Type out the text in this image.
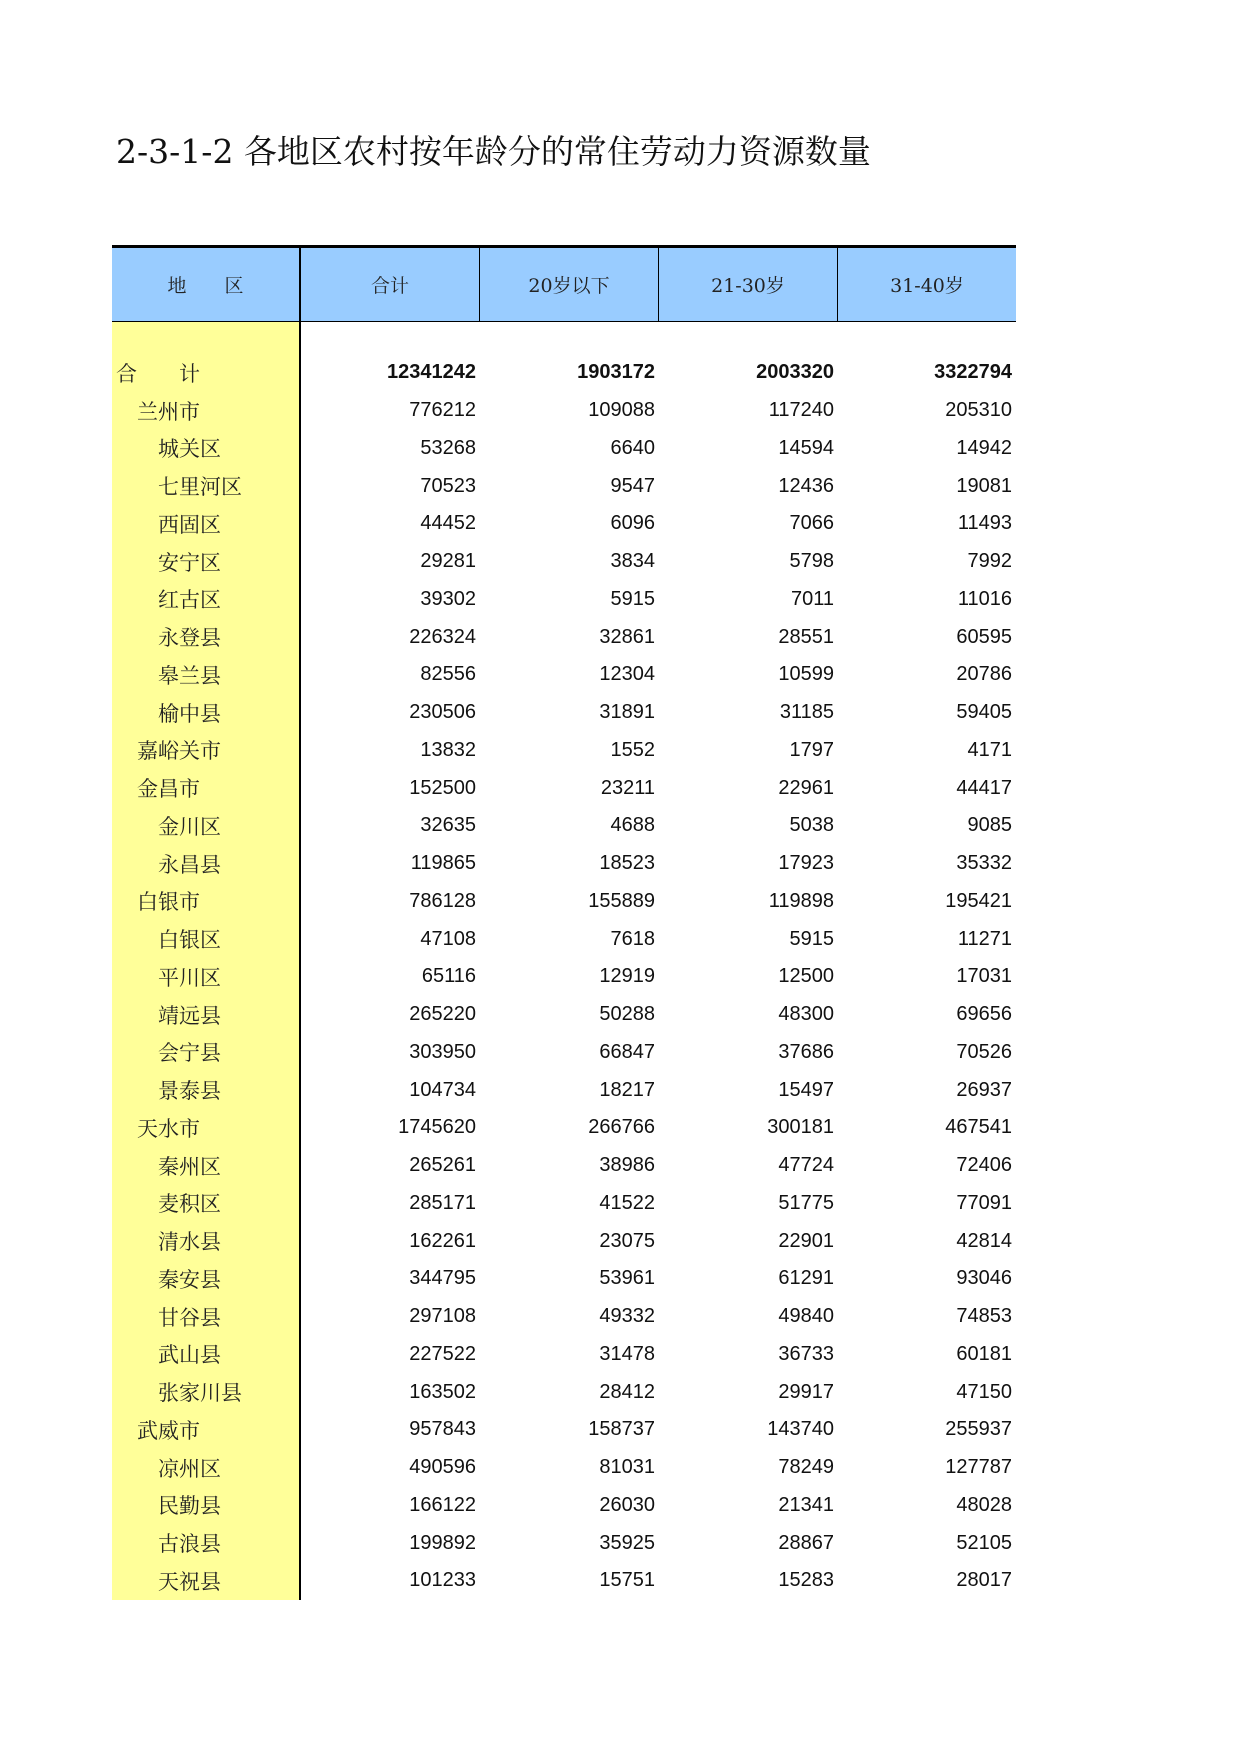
2-3-1-2 各地区农村按年龄分的常住劳动力资源数量
地　　区	合计	20岁以下	21-30岁	31-40岁
合　　计	12341242	1903172	2003320	3322794
兰州市	776212	109088	117240	205310
城关区	53268	6640	14594	14942
七里河区	70523	9547	12436	19081
西固区	44452	6096	7066	11493
安宁区	29281	3834	5798	7992
红古区	39302	5915	7011	11016
永登县	226324	32861	28551	60595
皋兰县	82556	12304	10599	20786
榆中县	230506	31891	31185	59405
嘉峪关市	13832	1552	1797	4171
金昌市	152500	23211	22961	44417
金川区	32635	4688	5038	9085
永昌县	119865	18523	17923	35332
白银市	786128	155889	119898	195421
白银区	47108	7618	5915	11271
平川区	65116	12919	12500	17031
靖远县	265220	50288	48300	69656
会宁县	303950	66847	37686	70526
景泰县	104734	18217	15497	26937
天水市	1745620	266766	300181	467541
秦州区	265261	38986	47724	72406
麦积区	285171	41522	51775	77091
清水县	162261	23075	22901	42814
秦安县	344795	53961	61291	93046
甘谷县	297108	49332	49840	74853
武山县	227522	31478	36733	60181
张家川县	163502	28412	29917	47150
武威市	957843	158737	143740	255937
凉州区	490596	81031	78249	127787
民勤县	166122	26030	21341	48028
古浪县	199892	35925	28867	52105
天祝县	101233	15751	15283	28017
